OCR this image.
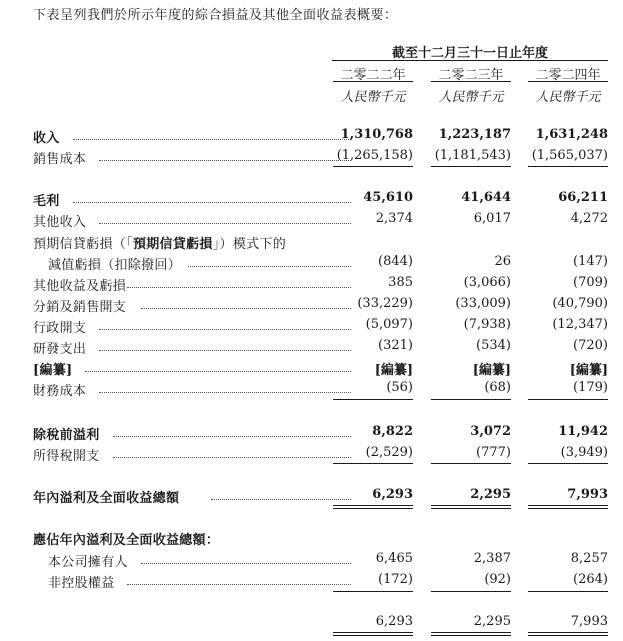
下表呈列我們於所示年度的綜合損益及其他全面收益表概要：
截至十二月三十一日止年度
二零二二年	二零二三年	二零二四年
人民幣千元	人民幣千元	人民幣千元
收入	1,310,768	1,223,187	1,631,248
銷售成本	(1,265,158) (1,181,543) (1,565,037)
毛利	45,610	41,644	66,211
其他收入	2,374	6,017	4,272
預期信貸虧損（「預期信貸虧損」）模式下的
減值虧損（扣除撥回）	(844)	26	(147)
其他收益及虧損	385	(3,066)	(709)
分銷及銷售開支	(33,229)	(33,009)	(40,790)
行政開支	(5,097)	(7,938)	(12,347)
研發支出	(321)	(534)	(720)
[編纂]	[編纂]	[編纂]	[編纂]
財務成本	(56)	(68)	(179)
除稅前溢利	8,822	3,072	11,942
所得稅開支	(2,529)	(777)	(3,949)
年內溢利及全面收益總額	6,293	2,295	7,993
應佔年內溢利及全面收益總額：
本公司擁有人	6,465	2,387	8,257
非控股權益	(172)	(92)	(264)
6,293	2,295	7,993
